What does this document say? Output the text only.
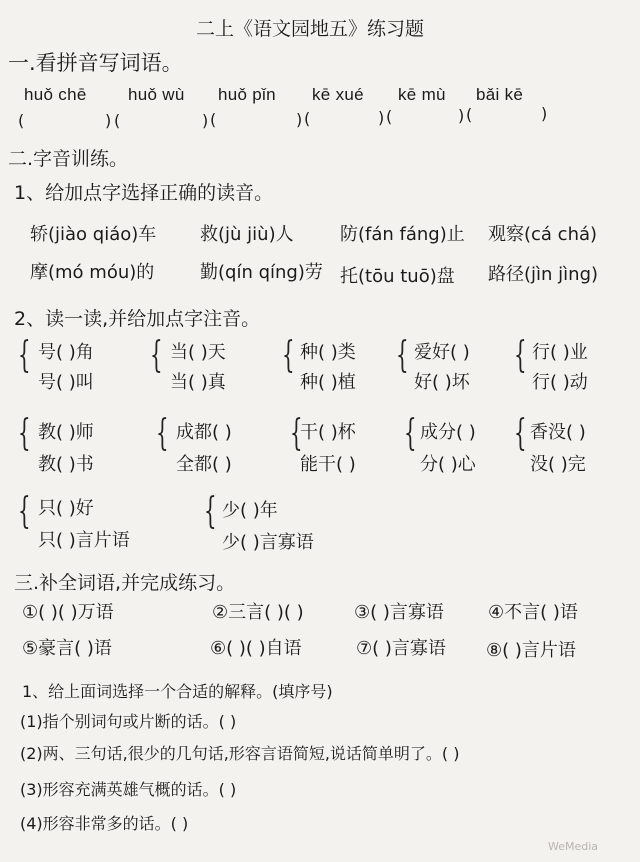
二上《语文园地五》练习题
一.看拼音写词语。
huǒ chē huǒ wù huǒ pǐn kē xué kē mù bǎi kē
(	) (	) (	) (	) (	) (	)
二.字音训练。
1、给加点字选择正确的读音。
轿(jiào qiáo)车 救(jù jiù)人	防(fán fáng)止 观察(cá chá)
摩(mó móu)的	勤(qín qíng)劳 托(tōu tuō)盘 路径(jìn jìng)
2、读一读,并给加点字注音。
{ 号( )角
号( )叫
{ 当( )天
当( )真
{ 种( )类
种( )植
{ 爱好( )
好( )坏
{ 行( )业
行( )动
{ 教( )师
教( )书
{ 成都( )
全都( )
{
干( )杯
能干( )
{ 成分( )
分( )心
{ 香没( )
没( )完
{ 只( )好
只( )言片语
{ 少( )年
少( )言寡语
三.补全词语,并完成练习。
①( )( )万语	②三言( )( )	③( )言寡语 ④不言( )语
⑤豪言( )语	⑥( )( )自语	⑦( )言寡语 ⑧( )言片语
1、给上面词选择一个合适的解释。(填序号)
(1)指个别词句或片断的话。( )
(2)两、三句话,很少的几句话,形容言语简短,说话简单明了。( )
(3)形容充满英雄气概的话。( )
(4)形容非常多的话。( )
WeMedia
